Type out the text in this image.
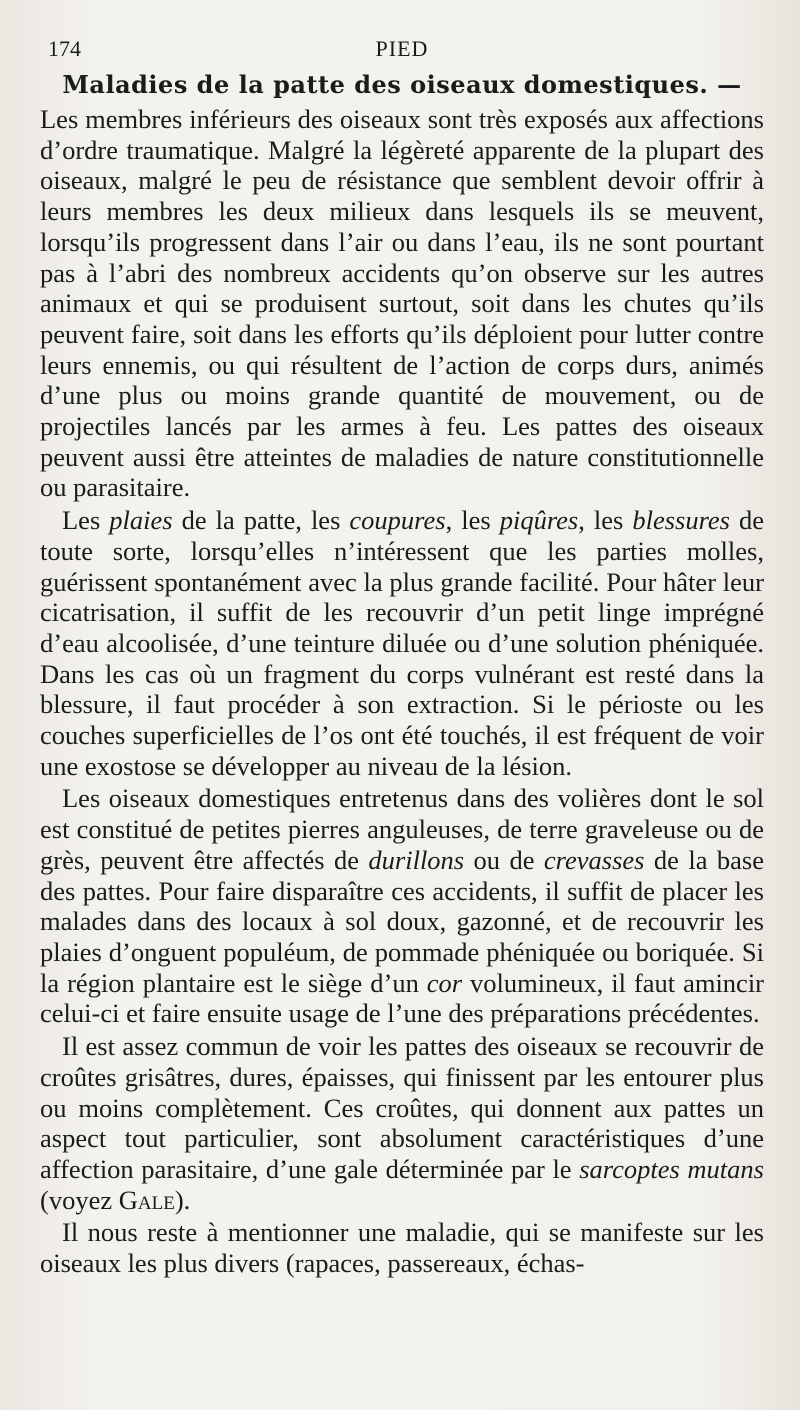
174	PIED
Maladies de la patte des oiseaux domestiques. —

Les membres inférieurs des oiseaux sont très exposés aux affections d’ordre traumatique. Malgré la légèreté apparente de la plupart des oiseaux, malgré le peu de résistance que semblent devoir offrir à leurs membres les deux milieux dans lesquels ils se meuvent, lorsqu’ils progressent dans l’air ou dans l’eau, ils ne sont pourtant pas à l’abri des nombreux accidents qu’on observe sur les autres animaux et qui se produisent surtout, soit dans les chutes qu’ils peuvent faire, soit dans les efforts qu’ils déploient pour lutter contre leurs ennemis, ou qui résultent de l’action de corps durs, animés d’une plus ou moins grande quantité de mouvement, ou de projectiles lancés par les armes à feu. Les pattes des oiseaux peuvent aussi être atteintes de maladies de nature constitutionnelle ou parasitaire.

Les plaies de la patte, les coupures, les piqûres, les blessures de toute sorte, lorsqu’elles n’intéressent que les parties molles, guérissent spontanément avec la plus grande facilité. Pour hâter leur cicatrisation, il suffit de les recouvrir d’un petit linge imprégné d’eau alcoolisée, d’une teinture diluée ou d’une solution phéniquée. Dans les cas où un fragment du corps vulnérant est resté dans la blessure, il faut procéder à son extraction. Si le périoste ou les couches superficielles de l’os ont été touchés, il est fréquent de voir une exostose se développer au niveau de la lésion.

Les oiseaux domestiques entretenus dans des volières dont le sol est constitué de petites pierres anguleuses, de terre graveleuse ou de grès, peuvent être affectés de durillons ou de crevasses de la base des pattes. Pour faire disparaître ces accidents, il suffit de placer les malades dans des locaux à sol doux, gazonné, et de recouvrir les plaies d’onguent populéum, de pommade phéniquée ou boriquée. Si la région plantaire est le siège d’un cor volumineux, il faut amincir celui-ci et faire ensuite usage de l’une des préparations précédentes.

Il est assez commun de voir les pattes des oiseaux se recouvrir de croûtes grisâtres, dures, épaisses, qui finissent par les entourer plus ou moins complètement. Ces croûtes, qui donnent aux pattes un aspect tout particulier, sont absolument caractéristiques d’une affection parasitaire, d’une gale déterminée par le sarcoptes mutans (voyez Gale).

Il nous reste à mentionner une maladie, qui se manifeste sur les oiseaux les plus divers (rapaces, passereaux, échas-
